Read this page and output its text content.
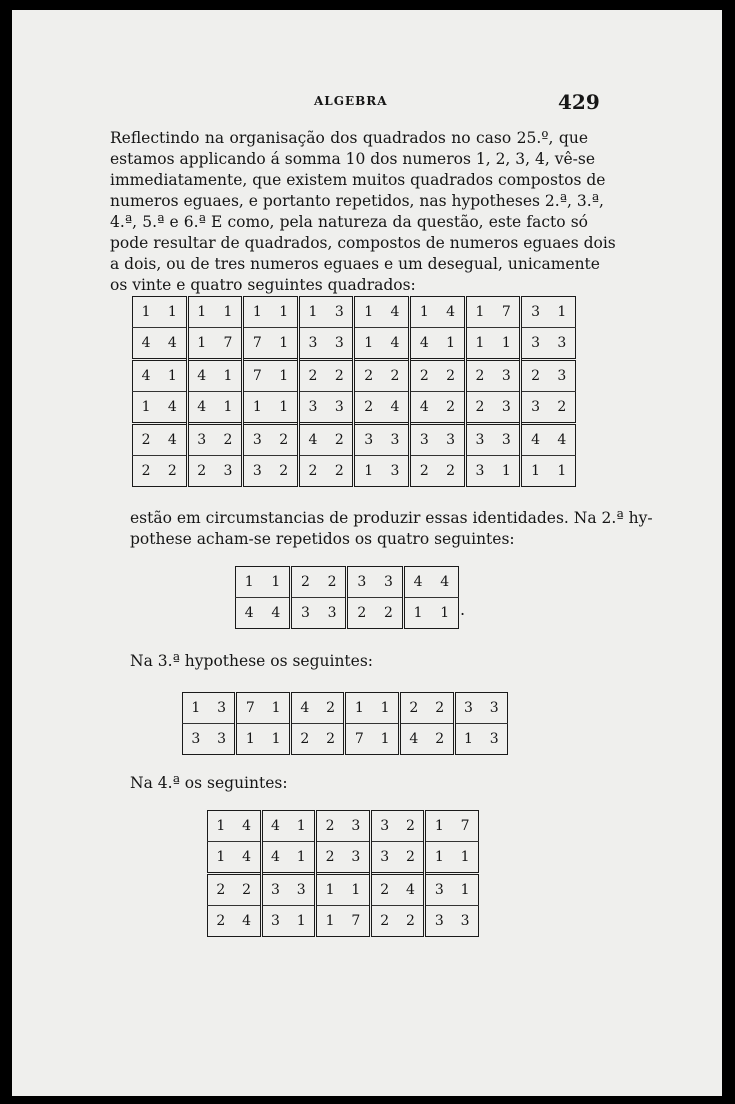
ALGEBRA	429

Reflectindo na organisação dos quadrados no caso 25.º, que
estamos applicando á somma 10 dos numeros 1, 2, 3, 4, vê-se
immediatamente, que existem muitos quadrados compostos de
numeros eguaes, e portanto repetidos, nas hypotheses 2.ª, 3.ª,
4.ª, 5.ª e 6.ª E como, pela natureza da questão, este facto só
pode resultar de quadrados, compostos de numeros eguaes dois
a dois, ou de tres numeros eguaes e um desegual, unicamente
os vinte e quatro seguintes quadrados:

1	1	1	1	1	1	1	3	1	4	1	4	1	7	3	1
4	4	1	7	7	1	3	3	1	4	4	1	1	1	3	3
4	1	4	1	7	1	2	2	2	2	2	2	2	3	2	3
1	4	4	1	1	1	3	3	2	4	4	2	2	3	3	2
2	4	3	2	3	2	4	2	3	3	3	3	3	3	4	4
2	2	2	3	3	2	2	2	1	3	2	2	3	1	1	1

estão em circumstancias de produzir essas identidades. Na 2.ª hy-
pothese acham-se repetidos os quatro seguintes:

1	1	2	2	3	3	4	4
4	4	3	3	2	2	1	1 .

Na 3.ª hypothese os seguintes:

1	3	7	1	4	2	1	1	2	2	3	3
3	3	1	1	2	2	7	1	4	2	1	3

Na 4.ª os seguintes:

1	4	4	1	2	3	3	2	1	7
1	4	4	1	2	3	3	2	1	1
2	2	3	3	1	1	2	4	3	1
2	4	3	1	1	7	2	2	3	3
